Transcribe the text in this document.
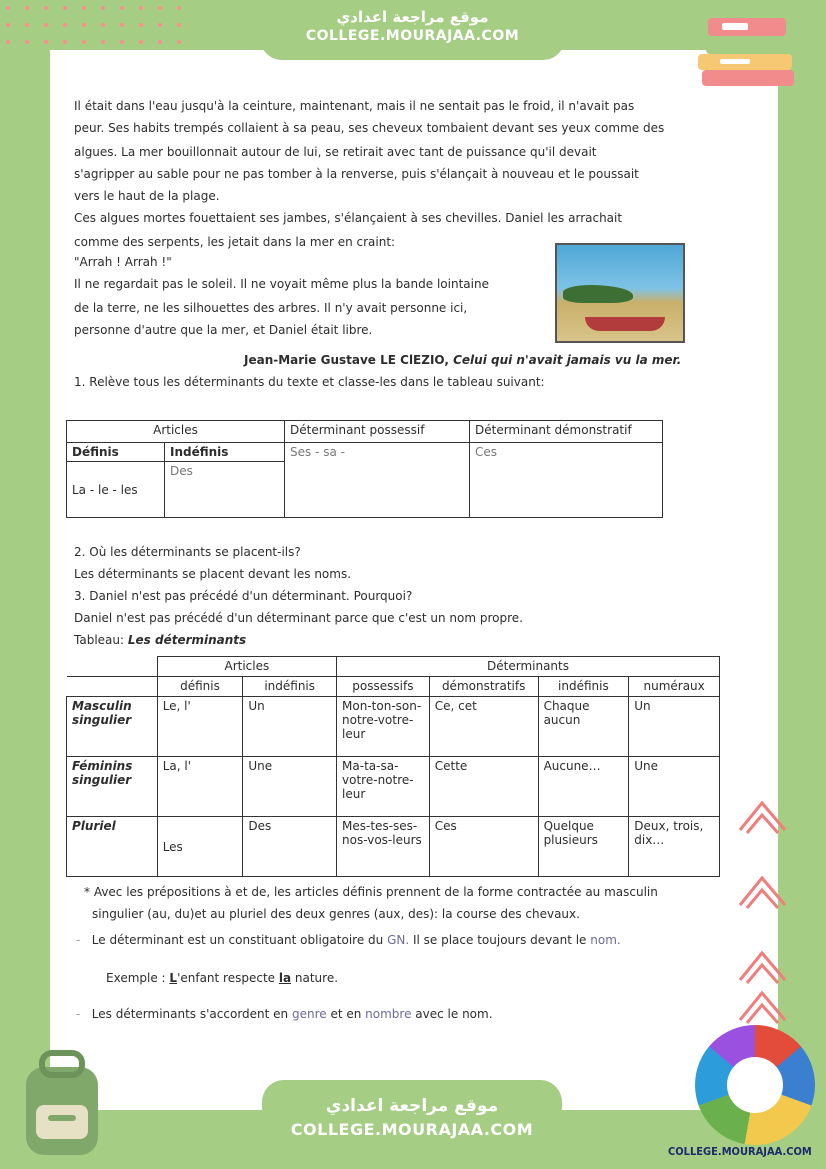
موقع مراجعة اعدادي
COLLEGE.MOURAJAA.COM
Il était dans l'eau jusqu'à la ceinture, maintenant, mais il ne sentait pas le froid, il n'avait pas
peur. Ses habits trempés collaient à sa peau, ses cheveux tombaient devant ses yeux comme des
algues. La mer bouillonnait autour de lui, se retirait avec tant de puissance qu'il devait
s'agripper au sable pour ne pas tomber à la renverse, puis s'élançait à nouveau et le poussait
vers le haut de la plage.
Ces algues mortes fouettaient ses jambes, s'élançaient à ses chevilles. Daniel les arrachait
comme des serpents, les jetait dans la mer en craint:
"Arrah ! Arrah !"
Il ne regardait pas le soleil. Il ne voyait même plus la bande lointaine
de la terre, ne les silhouettes des arbres. Il n'y avait personne ici,
personne d'autre que la mer, et Daniel était libre.
Jean-Marie Gustave LE ClEZIO, Celui qui n'avait jamais vu la mer.
1. Relève tous les déterminants du texte et classe-les dans le tableau suivant:
Articles		Déterminant possessif	Déterminant démonstratif
Définis	Indéfinis	Ses - sa -	Ces
La - le - les	Des		
2. Où les déterminants se placent-ils?
Les déterminants se placent devant les noms.
3. Daniel n'est pas précédé d'un déterminant. Pourquoi?
Daniel n'est pas précédé d'un déterminant parce que c'est un nom propre.
Tableau: Les déterminants
	Articles		Déterminants			
	définis	indéfinis	possessifs	démonstratifs	indéfinis	numéraux
Masculin singulier	Le, l'	Un	Mon-ton-son-notre-votre-leur	Ce, cet	Chaque aucun	Un
Féminins singulier	La, l'	Une	Ma-ta-sa-votre-notre-leur	Cette	Aucune…	Une
Pluriel	Les	Des	Mes-tes-ses-nos-vos-leurs	Ces	Quelque plusieurs	Deux, trois, dix…
* Avec les prépositions à et de, les articles définis prennent de la forme contractée au masculin
singulier (au, du)et au pluriel des deux genres (aux, des): la course des chevaux.
-   Le déterminant est un constituant obligatoire du GN. Il se place toujours devant le nom.
Exemple : L'enfant respecte la nature.
-   Les déterminants s'accordent en genre et en nombre avec le nom.
موقع مراجعة اعدادي
COLLEGE.MOURAJAA.COM
COLLEGE.MOURAJAA.COM
